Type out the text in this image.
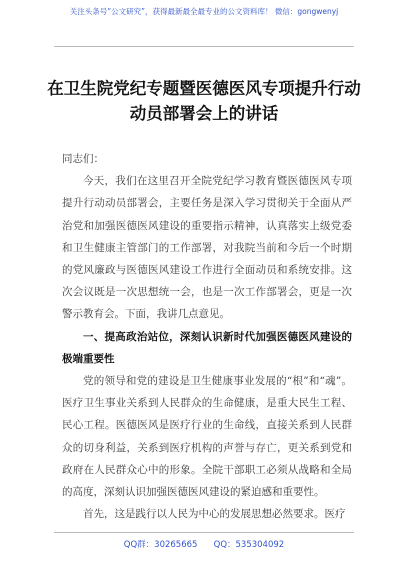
关注头条号“公文研究”，获得最新最全最专业的公文资料库！ 微信：gongwenyj
在卫生院党纪专题暨医德医风专项提升行动动员部署会上的讲话

同志们：

今天，我们在这里召开全院党纪学习教育暨医德医风专项提升行动动员部署会，主要任务是深入学习贯彻关于全面从严治党和加强医德医风建设的重要指示精神，认真落实上级党委和卫生健康主管部门的工作部署，对我院当前和今后一个时期的党风廉政与医德医风建设工作进行全面动员和系统安排。这次会议既是一次思想统一会，也是一次工作部署会，更是一次警示教育会。下面，我讲几点意见。

一、提高政治站位，深刻认识新时代加强医德医风建设的极端重要性

党的领导和党的建设是卫生健康事业发展的“根”和“魂”。医疗卫生事业关系到人民群众的生命健康，是重大民生工程、民心工程。医德医风是医疗行业的生命线，直接关系到人民群众的切身利益，关系到医疗机构的声誉与存亡，更关系到党和政府在人民群众心中的形象。全院干部职工必须从战略和全局的高度，深刻认识加强医德医风建设的紧迫感和重要性。

首先，这是践行以人民为中心的发展思想必然要求。医疗

QQ群：30265665      QQ：535304092
